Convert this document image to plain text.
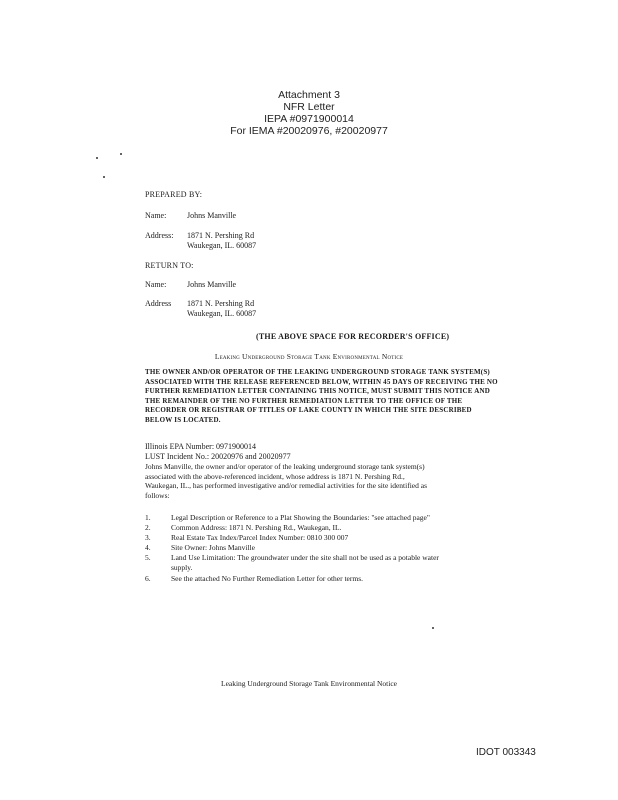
Attachment 3
NFR Letter
IEPA #0971900014
For IEMA #20020976, #20020977
PREPARED BY:
Name:	Johns Manville
Address: 1871 N. Pershing Rd
Waukegan, IL. 60087
RETURN TO:
Name:	Johns Manville
Address 1871 N. Pershing Rd
Waukegan, IL. 60087
(THE ABOVE SPACE FOR RECORDER'S OFFICE)
Leaking Underground Storage Tank Environmental Notice
THE OWNER AND/OR OPERATOR OF THE LEAKING UNDERGROUND STORAGE TANK SYSTEM(S)
ASSOCIATED WITH THE RELEASE REFERENCED BELOW, WITHIN 45 DAYS OF RECEIVING THE NO
FURTHER REMEDIATION LETTER CONTAINING THIS NOTICE, MUST SUBMIT THIS NOTICE AND
THE REMAINDER OF THE NO FURTHER REMEDIATION LETTER TO THE OFFICE OF THE
RECORDER OR REGISTRAR OF TITLES OF LAKE COUNTY IN WHICH THE SITE DESCRIBED
BELOW IS LOCATED.
Illinois EPA Number: 0971900014
LUST Incident No.: 20020976 and 20020977
Johns Manville, the owner and/or operator of the leaking underground storage tank system(s)
associated with the above-referenced incident, whose address is 1871 N. Pershing Rd.,
Waukegan, IL., has performed investigative and/or remedial activities for the site identified as
follows:
1.	Legal Description or Reference to a Plat Showing the Boundaries: "see attached page"
2.	Common Address: 1871 N. Pershing Rd., Waukegan, IL.
3.	Real Estate Tax Index/Parcel Index Number: 0810 300 007
4.	Site Owner: Johns Manville
5.	Land Use Limitation: The groundwater under the site shall not be used as a potable water
supply.
6.	See the attached No Further Remediation Letter for other terms.
Leaking Underground Storage Tank Environmental Notice
IDOT 003343
